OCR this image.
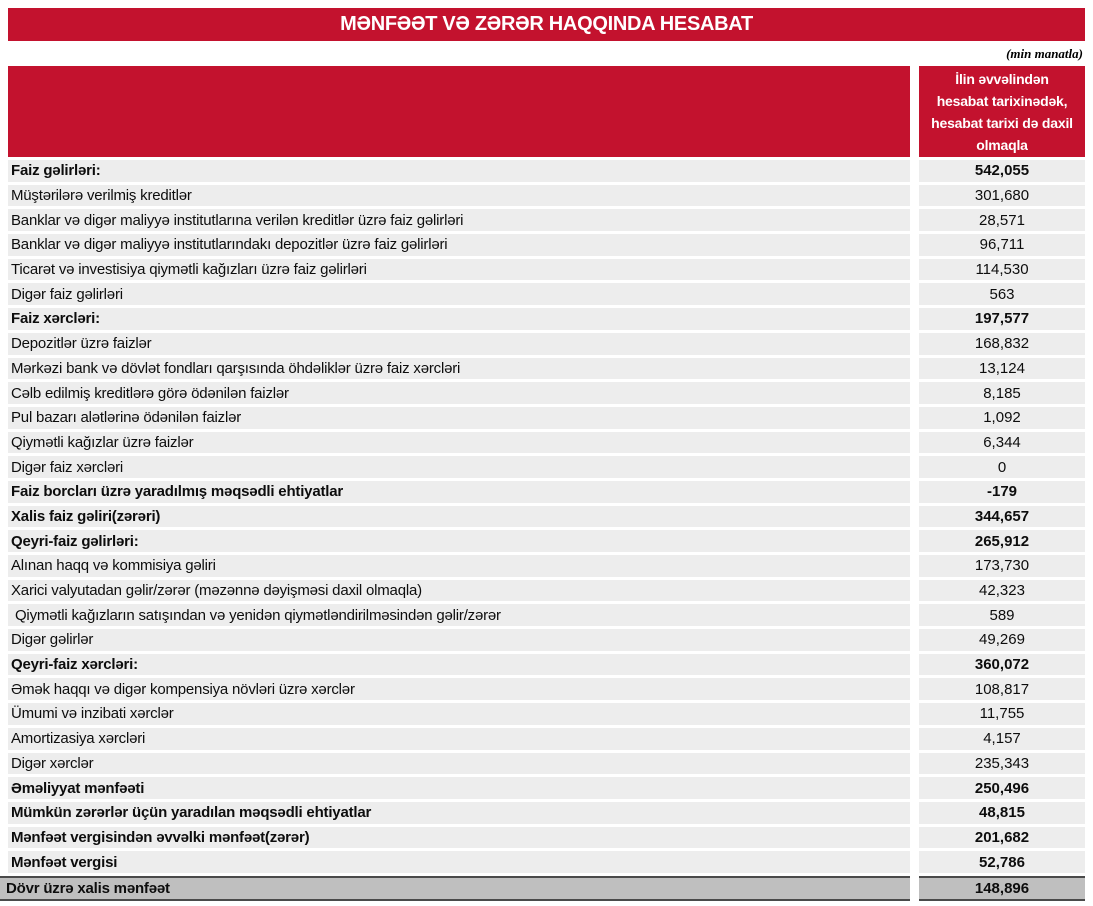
MƏNFƏƏT VƏ ZƏRƏR HAQQINDA HESABAT
(min manatla)
İlin əvvəlindən
hesabat tarixinədək,
hesabat tarixi də daxil
olmaqla
Faiz gəlirləri:	542,055
Müştərilərə verilmiş kreditlər	301,680
Banklar və digər maliyyə institutlarına verilən kreditlər üzrə faiz gəlirləri	28,571
Banklar və digər maliyyə institutlarındakı depozitlər üzrə faiz gəlirləri	96,711
Ticarət və investisiya qiymətli kağızları üzrə faiz gəlirləri	114,530
Digər faiz gəlirləri	563
Faiz xərcləri:	197,577
Depozitlər üzrə faizlər	168,832
Mərkəzi bank və dövlət fondları qarşısında öhdəliklər üzrə faiz xərcləri	13,124
Cəlb edilmiş kreditlərə görə ödənilən faizlər	8,185
Pul bazarı alətlərinə ödənilən faizlər	1,092
Qiymətli kağızlar üzrə faizlər	6,344
Digər faiz xərcləri	0
Faiz borcları üzrə yaradılmış məqsədli ehtiyatlar	-179
Xalis faiz gəliri(zərəri)	344,657
Qeyri-faiz gəlirləri:	265,912
Alınan haqq və kommisiya gəliri	173,730
Xarici valyutadan gəlir/zərər (məzənnə dəyişməsi daxil olmaqla)	42,323
Qiymətli kağızların satışından və yenidən qiymətləndirilməsindən gəlir/zərər	589
Digər gəlirlər	49,269
Qeyri-faiz xərcləri:	360,072
Əmək haqqı və digər kompensiya növləri üzrə xərclər	108,817
Ümumi və inzibati xərclər	11,755
Amortizasiya xərcləri	4,157
Digər xərclər	235,343
Əməliyyat mənfəəti	250,496
Mümkün zərərlər üçün yaradılan məqsədli ehtiyatlar	48,815
Mənfəət vergisindən əvvəlki mənfəət(zərər)	201,682
Mənfəət vergisi	52,786
Dövr üzrə xalis mənfəət	148,896
